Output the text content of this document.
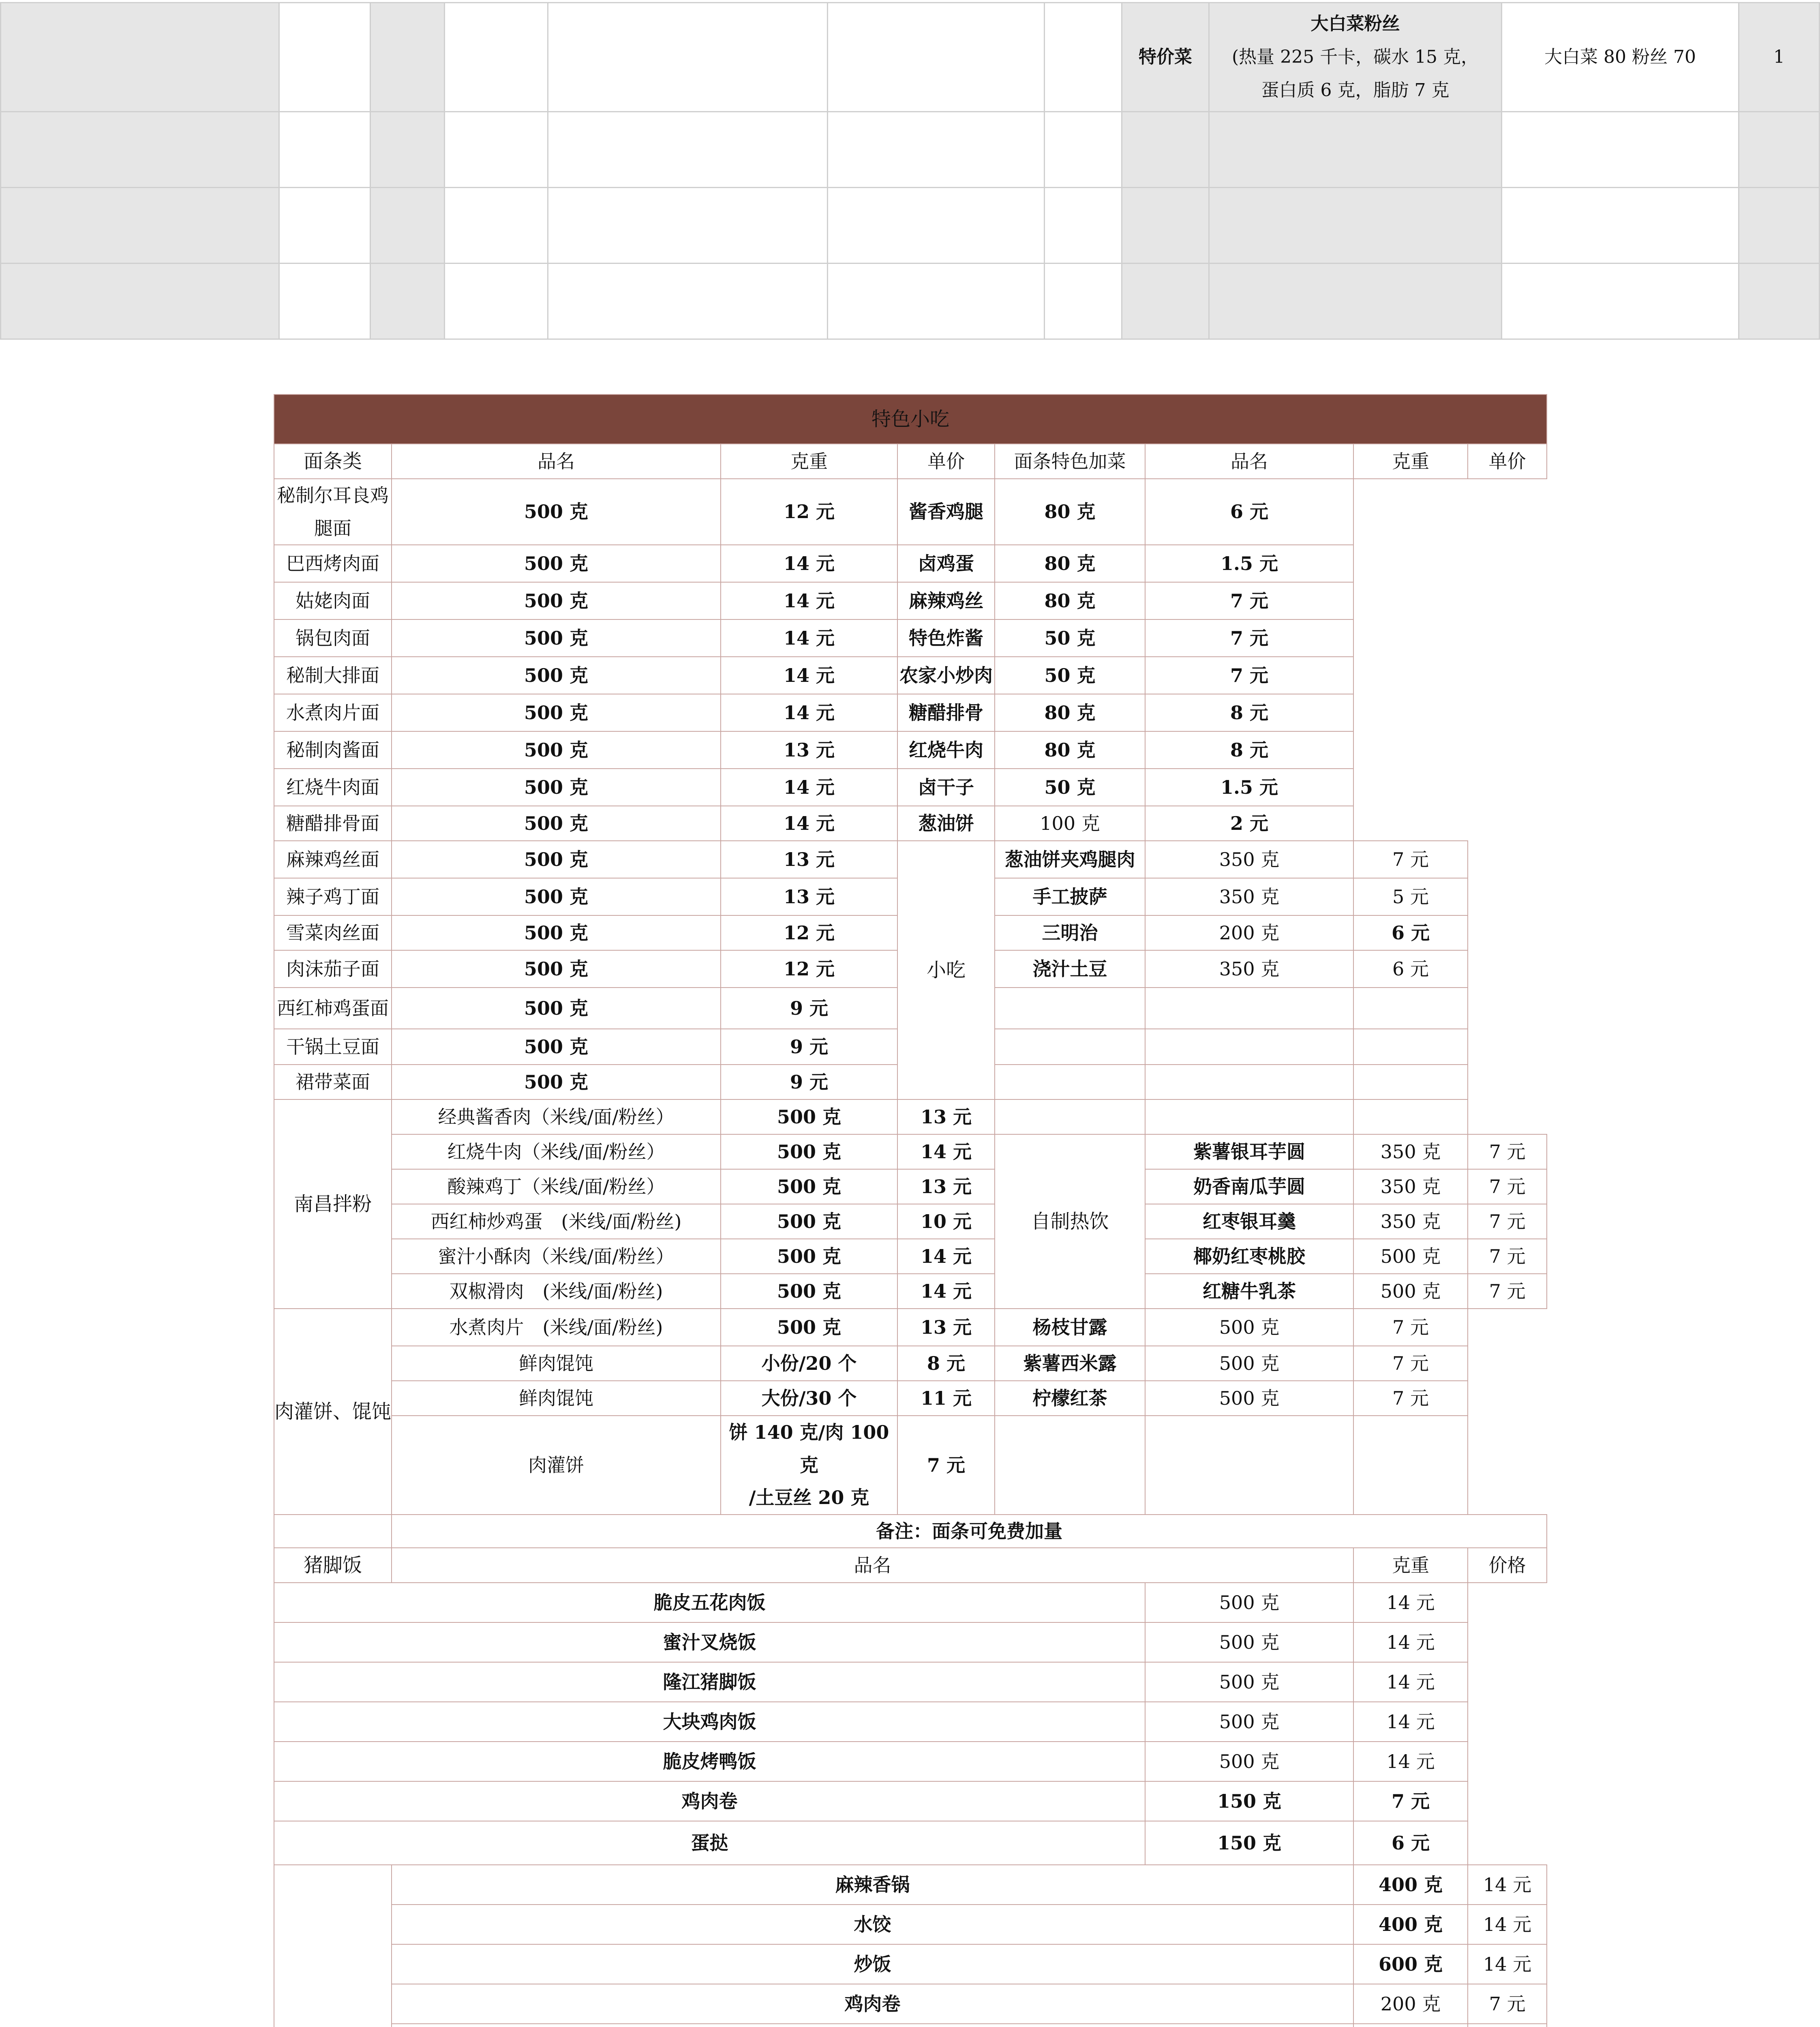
							特价菜	大白菜粉丝
(热量 225 千卡，碳水 15 克，
蛋白质 6 克，脂肪 7 克	大白菜 80 粉丝 70	1

特色小吃							
面条类	品名	克重	单价	面条特色加菜	品名	克重	单价
秘制尔耳良鸡腿面	500 克	12 元	酱香鸡腿	80 克	6 元		
巴西烤肉面	500 克	14 元	卤鸡蛋	80 克	1.5 元		
姑姥肉面	500 克	14 元	麻辣鸡丝	80 克	7 元		
锅包肉面	500 克	14 元	特色炸酱	50 克	7 元		
秘制大排面	500 克	14 元	农家小炒肉	50 克	7 元		
水煮肉片面	500 克	14 元	糖醋排骨	80 克	8 元		
秘制肉酱面	500 克	13 元	红烧牛肉	80 克	8 元		
红烧牛肉面	500 克	14 元	卤干子	50 克	1.5 元		
糖醋排骨面	500 克	14 元	葱油饼	100 克	2 元		
麻辣鸡丝面	500 克	13 元	小吃	葱油饼夹鸡腿肉	350 克	7 元	
辣子鸡丁面	500 克	13 元		手工披萨	350 克	5 元	
雪菜肉丝面	500 克	12 元		三明治	200 克	6 元	
肉沫茄子面	500 克	12 元		浇汁土豆	350 克	6 元	
西红柿鸡蛋面	500 克	9 元					
干锅土豆面	500 克	9 元					
裙带菜面	500 克	9 元					
南昌拌粉	经典酱香肉（米线/面/粉丝）	500 克	13 元				
	红烧牛肉（米线/面/粉丝）	500 克	14 元	自制热饮	紫薯银耳芋圆	350 克	7 元
	酸辣鸡丁（米线/面/粉丝）	500 克	13 元		奶香南瓜芋圆	350 克	7 元
	西红柿炒鸡蛋　(米线/面/粉丝)	500 克	10 元		红枣银耳羹	350 克	7 元
	蜜汁小酥肉（米线/面/粉丝）	500 克	14 元		椰奶红枣桃胶	500 克	7 元
	双椒滑肉　(米线/面/粉丝)	500 克	14 元		红糖牛乳茶	500 克	7 元
肉灌饼、馄饨	水煮肉片　(米线/面/粉丝)	500 克	13 元	杨枝甘露	500 克	7 元	
	鲜肉馄饨	小份/20 个	8 元	紫薯西米露	500 克	7 元	
	鲜肉馄饨	大份/30 个	11 元	柠檬红茶	500 克	7 元	
	肉灌饼	饼 140 克/肉 100 克
/土豆丝 20 克	7 元				
	备注：面条可免费加量						
猪脚饭	品名					克重	价格
脆皮五花肉饭					500 克	14 元	
蜜汁叉烧饭					500 克	14 元	
隆江猪脚饭					500 克	14 元	
大块鸡肉饭					500 克	14 元	
脆皮烤鸭饭					500 克	14 元	
鸡肉卷					150 克	7 元	
蛋挞					150 克	6 元	
	麻辣香锅					400 克	14 元
	水饺					400 克	14 元
	炒饭					600 克	14 元
	鸡肉卷					200 克	7 元
